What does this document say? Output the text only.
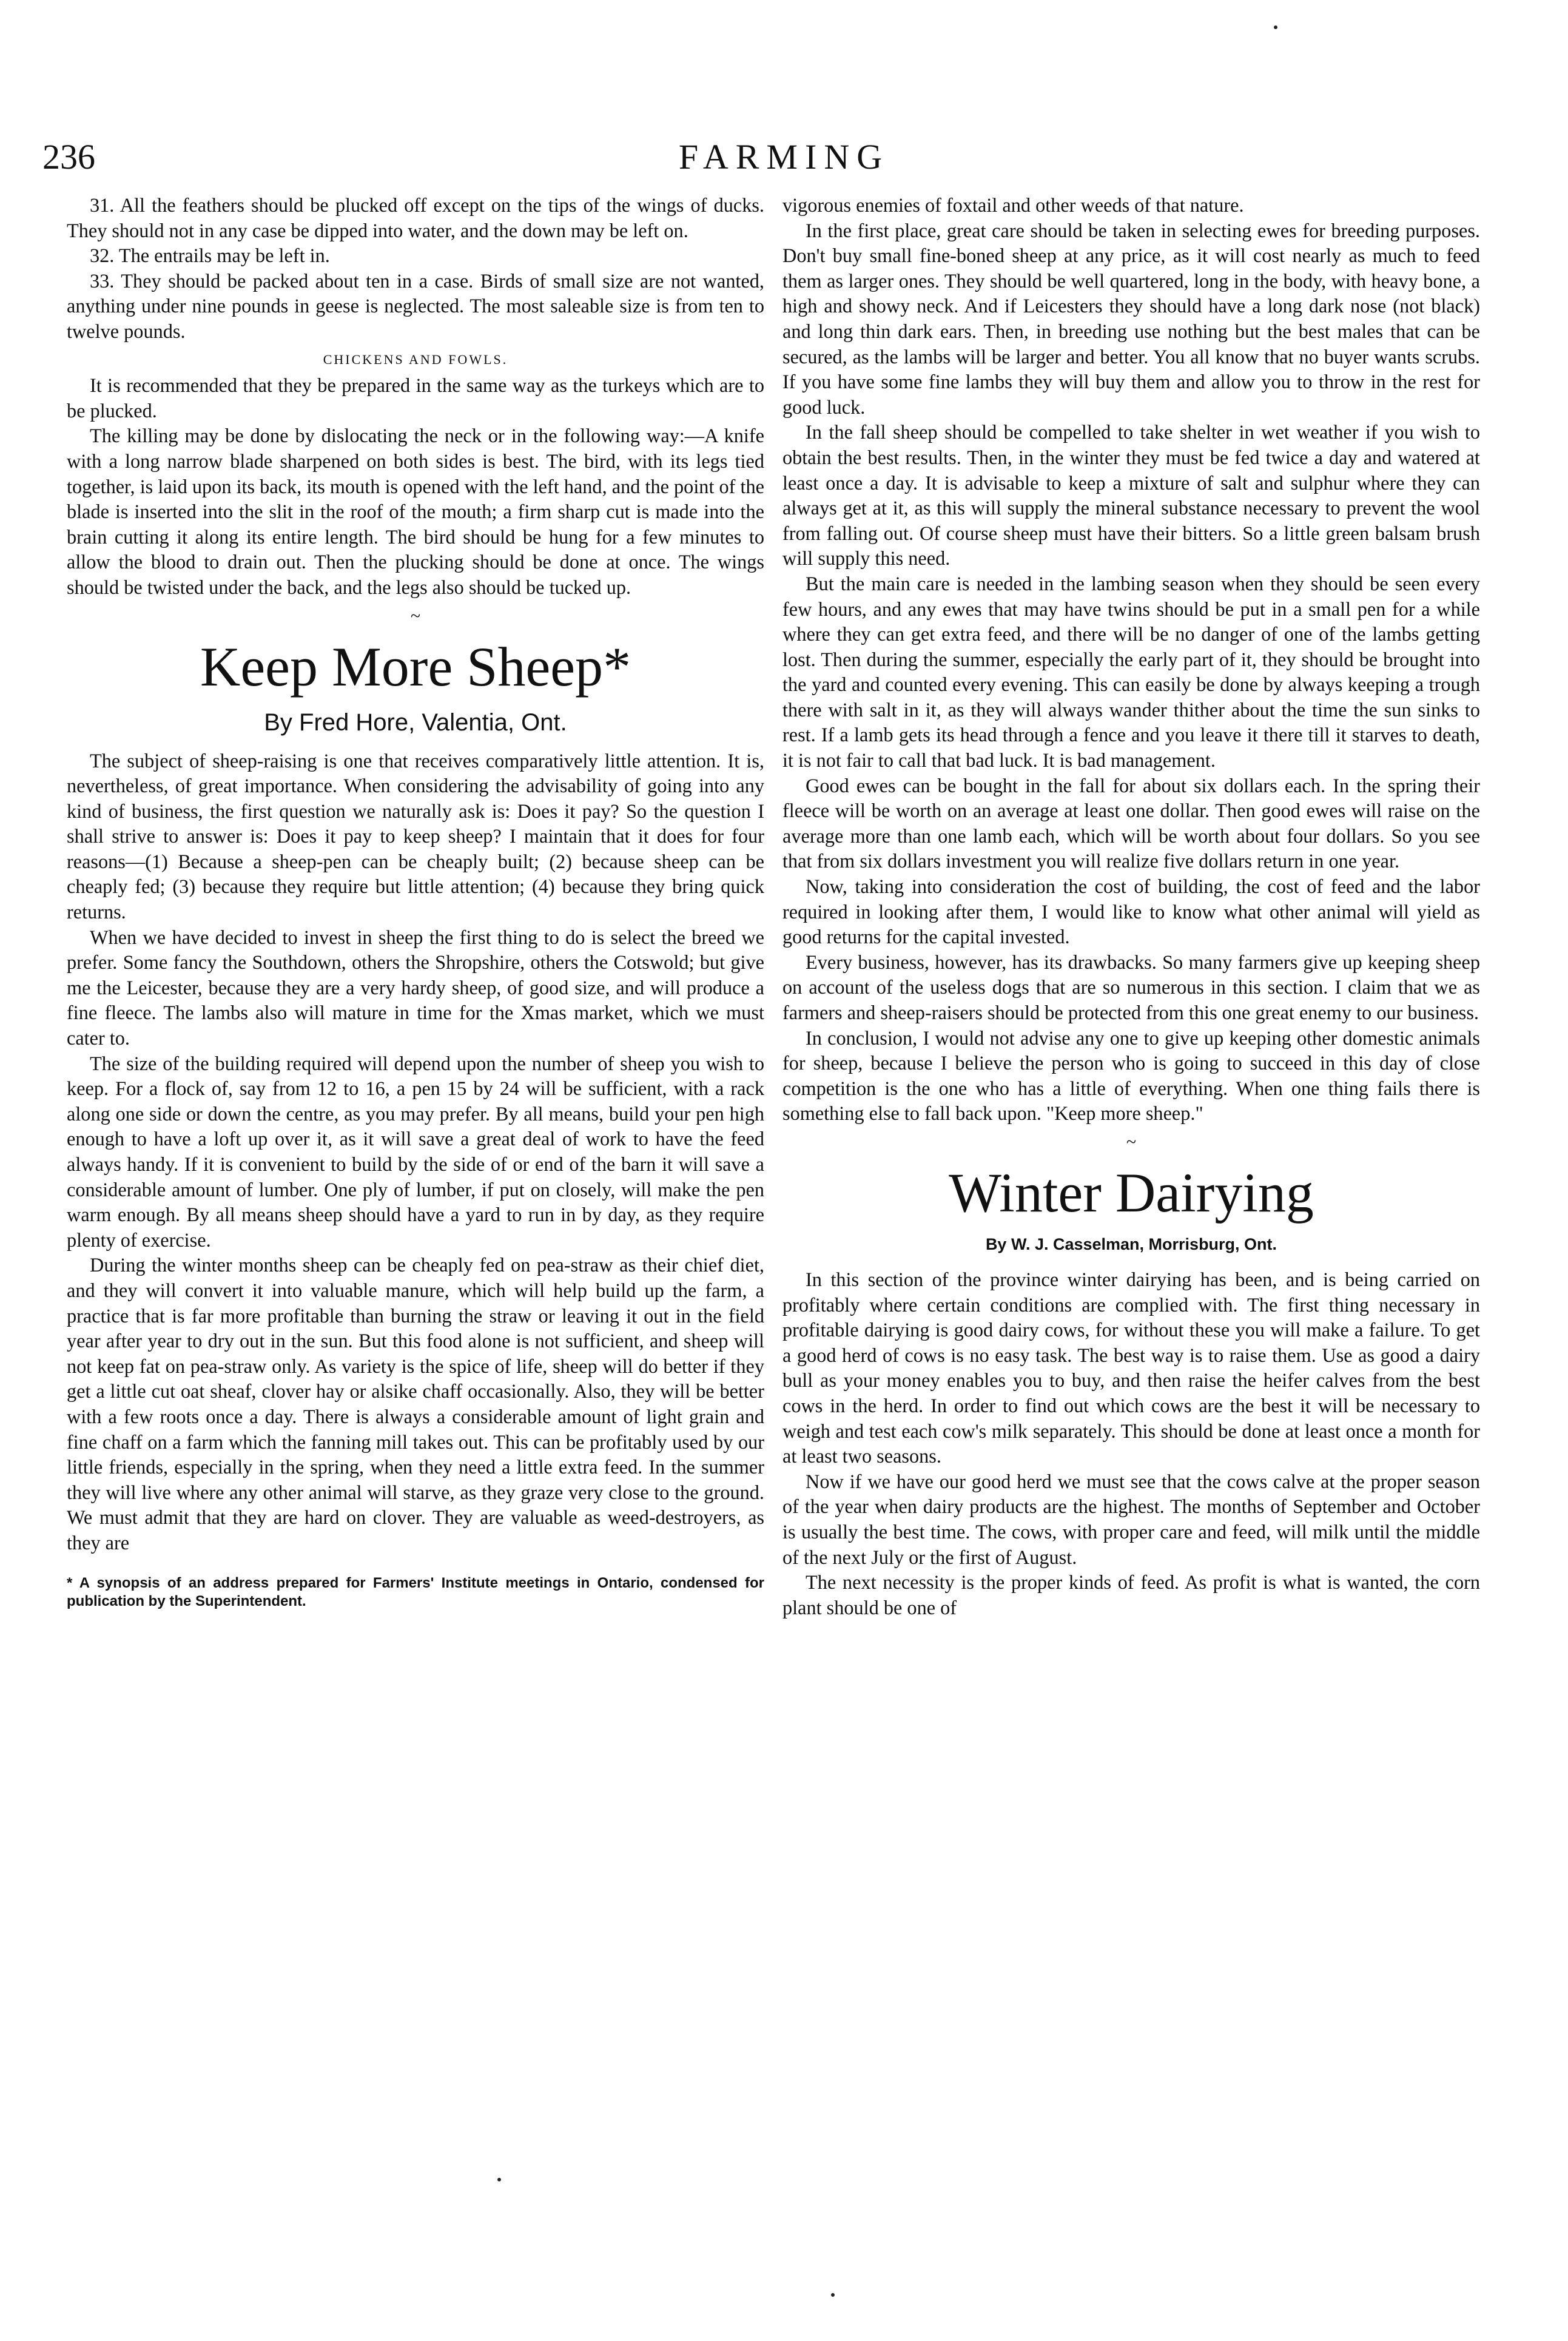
236	FARMING

31. All the feathers should be plucked off except on the tips of the wings of ducks. They should not in any case be dipped into water, and the down may be left on.

32. The entrails may be left in.

33. They should be packed about ten in a case. Birds of small size are not wanted, anything under nine pounds in geese is neglected. The most saleable size is from ten to twelve pounds.

CHICKENS AND FOWLS.

It is recommended that they be prepared in the same way as the turkeys which are to be plucked.

The killing may be done by dislocating the neck or in the following way:—A knife with a long narrow blade sharpened on both sides is best. The bird, with its legs tied together, is laid upon its back, its mouth is opened with the left hand, and the point of the blade is inserted into the slit in the roof of the mouth; a firm sharp cut is made into the brain cutting it along its entire length. The bird should be hung for a few minutes to allow the blood to drain out. Then the plucking should be done at once. The wings should be twisted under the back, and the legs also should be tucked up.

~
Keep More Sheep*
By Fred Hore, Valentia, Ont.

The subject of sheep-raising is one that receives comparatively little attention. It is, nevertheless, of great importance. When considering the advisability of going into any kind of business, the first question we naturally ask is: Does it pay? So the question I shall strive to answer is: Does it pay to keep sheep? I maintain that it does for four reasons—(1) Because a sheep-pen can be cheaply built; (2) because sheep can be cheaply fed; (3) because they require but little attention; (4) because they bring quick returns.

When we have decided to invest in sheep the first thing to do is select the breed we prefer. Some fancy the Southdown, others the Shropshire, others the Cotswold; but give me the Leicester, because they are a very hardy sheep, of good size, and will produce a fine fleece. The lambs also will mature in time for the Xmas market, which we must cater to.

The size of the building required will depend upon the number of sheep you wish to keep. For a flock of, say from 12 to 16, a pen 15 by 24 will be sufficient, with a rack along one side or down the centre, as you may prefer. By all means, build your pen high enough to have a loft up over it, as it will save a great deal of work to have the feed always handy. If it is convenient to build by the side of or end of the barn it will save a considerable amount of lumber. One ply of lumber, if put on closely, will make the pen warm enough. By all means sheep should have a yard to run in by day, as they require plenty of exercise.

During the winter months sheep can be cheaply fed on pea-straw as their chief diet, and they will convert it into valuable manure, which will help build up the farm, a practice that is far more profitable than burning the straw or leaving it out in the field year after year to dry out in the sun. But this food alone is not sufficient, and sheep will not keep fat on pea-straw only. As variety is the spice of life, sheep will do better if they get a little cut oat sheaf, clover hay or alsike chaff occasionally. Also, they will be better with a few roots once a day. There is always a considerable amount of light grain and fine chaff on a farm which the fanning mill takes out. This can be profitably used by our little friends, especially in the spring, when they need a little extra feed. In the summer they will live where any other animal will starve, as they graze very close to the ground. We must admit that they are hard on clover. They are valuable as weed-destroyers, as they are

* A synopsis of an address prepared for Farmers' Institute meetings in Ontario, condensed for publication by the Superintendent.

vigorous enemies of foxtail and other weeds of that nature.

In the first place, great care should be taken in selecting ewes for breeding purposes. Don't buy small fine-boned sheep at any price, as it will cost nearly as much to feed them as larger ones. They should be well quartered, long in the body, with heavy bone, a high and showy neck. And if Leicesters they should have a long dark nose (not black) and long thin dark ears. Then, in breeding use nothing but the best males that can be secured, as the lambs will be larger and better. You all know that no buyer wants scrubs. If you have some fine lambs they will buy them and allow you to throw in the rest for good luck.

In the fall sheep should be compelled to take shelter in wet weather if you wish to obtain the best results. Then, in the winter they must be fed twice a day and watered at least once a day. It is advisable to keep a mixture of salt and sulphur where they can always get at it, as this will supply the mineral substance necessary to prevent the wool from falling out. Of course sheep must have their bitters. So a little green balsam brush will supply this need.

But the main care is needed in the lambing season when they should be seen every few hours, and any ewes that may have twins should be put in a small pen for a while where they can get extra feed, and there will be no danger of one of the lambs getting lost. Then during the summer, especially the early part of it, they should be brought into the yard and counted every evening. This can easily be done by always keeping a trough there with salt in it, as they will always wander thither about the time the sun sinks to rest. If a lamb gets its head through a fence and you leave it there till it starves to death, it is not fair to call that bad luck. It is bad management.

Good ewes can be bought in the fall for about six dollars each. In the spring their fleece will be worth on an average at least one dollar. Then good ewes will raise on the average more than one lamb each, which will be worth about four dollars. So you see that from six dollars investment you will realize five dollars return in one year.

Now, taking into consideration the cost of building, the cost of feed and the labor required in looking after them, I would like to know what other animal will yield as good returns for the capital invested.

Every business, however, has its drawbacks. So many farmers give up keeping sheep on account of the useless dogs that are so numerous in this section. I claim that we as farmers and sheep-raisers should be protected from this one great enemy to our business.

In conclusion, I would not advise any one to give up keeping other domestic animals for sheep, because I believe the person who is going to succeed in this day of close competition is the one who has a little of everything. When one thing fails there is something else to fall back upon. "Keep more sheep."

~
Winter Dairying
By W. J. Casselman, Morrisburg, Ont.

In this section of the province winter dairying has been, and is being carried on profitably where certain conditions are complied with. The first thing necessary in profitable dairying is good dairy cows, for without these you will make a failure. To get a good herd of cows is no easy task. The best way is to raise them. Use as good a dairy bull as your money enables you to buy, and then raise the heifer calves from the best cows in the herd. In order to find out which cows are the best it will be necessary to weigh and test each cow's milk separately. This should be done at least once a month for at least two seasons.

Now if we have our good herd we must see that the cows calve at the proper season of the year when dairy products are the highest. The months of September and October is usually the best time. The cows, with proper care and feed, will milk until the middle of the next July or the first of August.

The next necessity is the proper kinds of feed. As profit is what is wanted, the corn plant should be one of
